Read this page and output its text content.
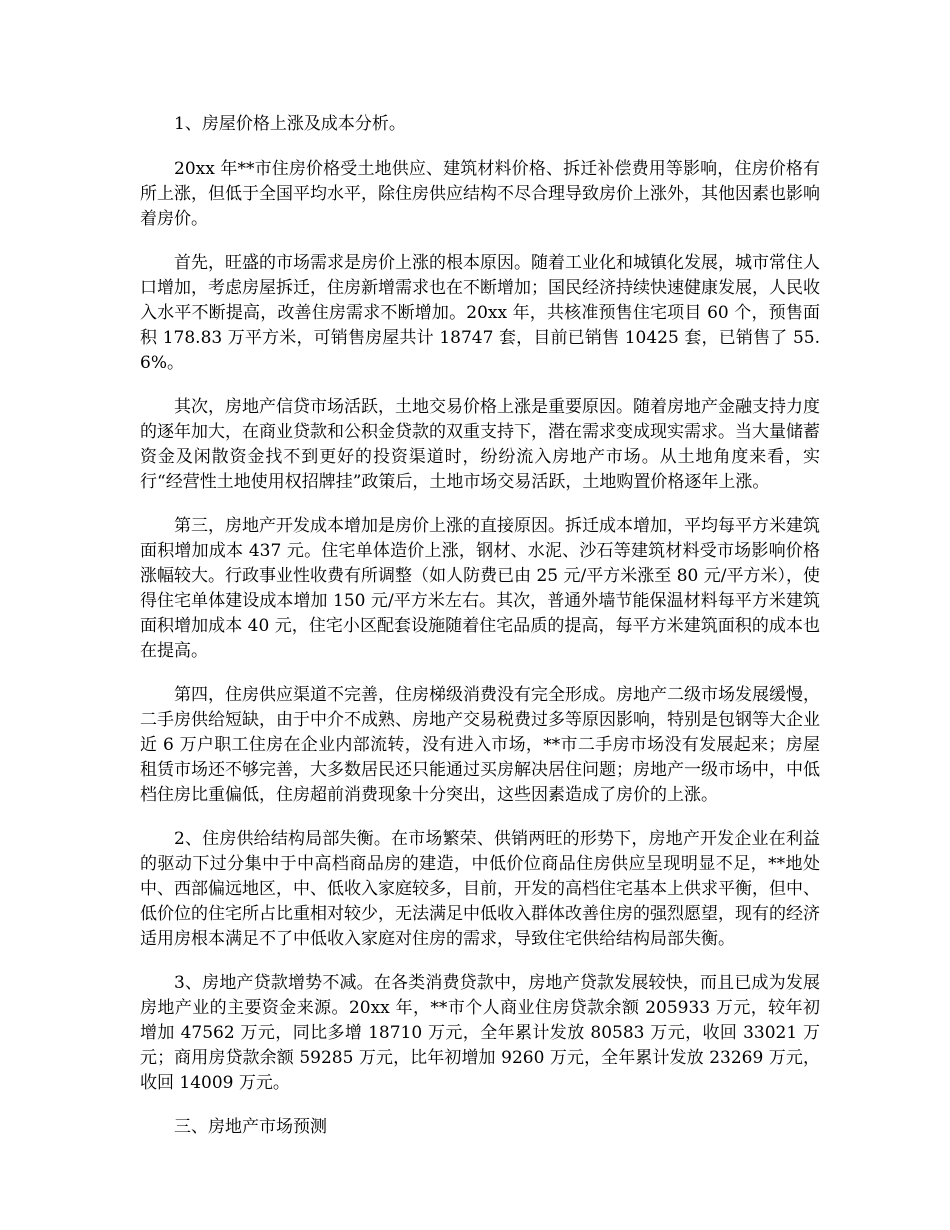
1、房屋价格上涨及成本分析。

20xx 年**市住房价格受土地供应、建筑材料价格、拆迁补偿费用等影响，住房价格有所上涨，但低于全国平均水平，除住房供应结构不尽合理导致房价上涨外，其他因素也影响着房价。

首先，旺盛的市场需求是房价上涨的根本原因。随着工业化和城镇化发展，城市常住人口增加，考虑房屋拆迁，住房新增需求也在不断增加；国民经济持续快速健康发展，人民收入水平不断提高，改善住房需求不断增加。20xx 年，共核准预售住宅项目 60 个，预售面积 178.83 万平方米，可销售房屋共计 18747 套，目前已销售 10425 套，已销售了 55.6%。

其次，房地产信贷市场活跃，土地交易价格上涨是重要原因。随着房地产金融支持力度的逐年加大，在商业贷款和公积金贷款的双重支持下，潜在需求变成现实需求。当大量储蓄资金及闲散资金找不到更好的投资渠道时，纷纷流入房地产市场。从土地角度来看，实行“经营性土地使用权招牌挂”政策后，土地市场交易活跃，土地购置价格逐年上涨。

第三，房地产开发成本增加是房价上涨的直接原因。拆迁成本增加，平均每平方米建筑面积增加成本 437 元。住宅单体造价上涨，钢材、水泥、沙石等建筑材料受市场影响价格涨幅较大。行政事业性收费有所调整（如人防费已由 25 元/平方米涨至 80 元/平方米），使得住宅单体建设成本增加 150 元/平方米左右。其次，普通外墙节能保温材料每平方米建筑面积增加成本 40 元，住宅小区配套设施随着住宅品质的提高，每平方米建筑面积的成本也在提高。

第四，住房供应渠道不完善，住房梯级消费没有完全形成。房地产二级市场发展缓慢，二手房供给短缺，由于中介不成熟、房地产交易税费过多等原因影响，特别是包钢等大企业近 6 万户职工住房在企业内部流转，没有进入市场，**市二手房市场没有发展起来；房屋租赁市场还不够完善，大多数居民还只能通过买房解决居住问题；房地产一级市场中，中低档住房比重偏低，住房超前消费现象十分突出，这些因素造成了房价的上涨。

2、住房供给结构局部失衡。在市场繁荣、供销两旺的形势下，房地产开发企业在利益的驱动下过分集中于中高档商品房的建造，中低价位商品住房供应呈现明显不足，**地处中、西部偏远地区，中、低收入家庭较多，目前，开发的高档住宅基本上供求平衡，但中、低价位的住宅所占比重相对较少，无法满足中低收入群体改善住房的强烈愿望，现有的经济适用房根本满足不了中低收入家庭对住房的需求，导致住宅供给结构局部失衡。

3、房地产贷款增势不减。在各类消费贷款中，房地产贷款发展较快，而且已成为发展房地产业的主要资金来源。20xx 年，**市个人商业住房贷款余额 205933 万元，较年初增加 47562 万元，同比多增 18710 万元，全年累计发放 80583 万元，收回 33021 万元；商用房贷款余额 59285 万元，比年初增加 9260 万元，全年累计发放 23269 万元，收回 14009 万元。

三、房地产市场预测
